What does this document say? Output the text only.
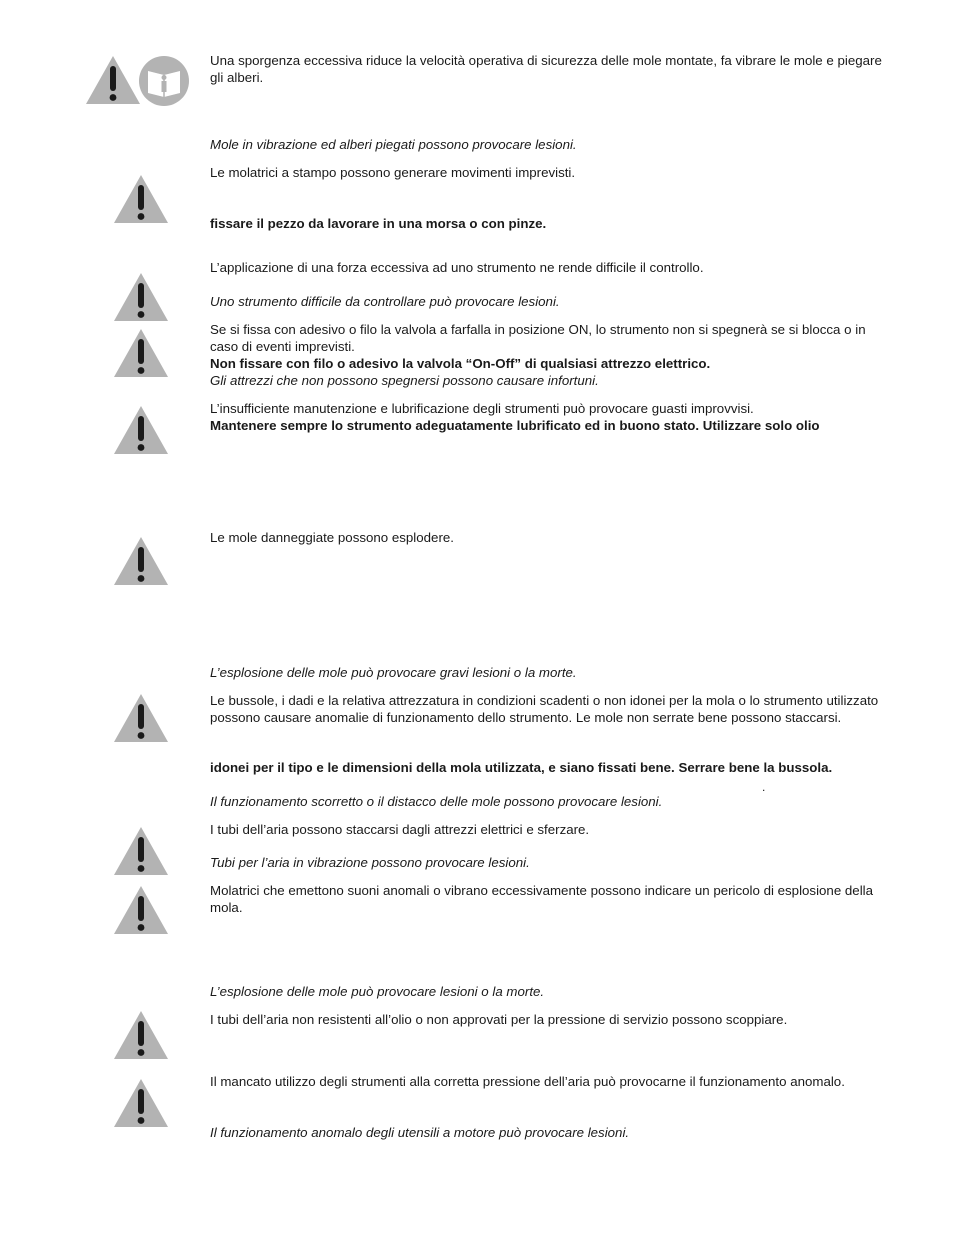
Una sporgenza eccessiva riduce la velocità operativa di sicurezza delle mole montate, fa vibrare le mole e piegare gli alberi.

Mole in vibrazione ed alberi piegati possono provocare lesioni.

Le molatrici a stampo possono generare movimenti imprevisti.

fissare il pezzo da lavorare in una morsa o con pinze.

L’applicazione di una forza eccessiva ad uno strumento ne rende difficile il controllo.

Uno strumento difficile da controllare può provocare lesioni.

Se si fissa con adesivo o filo la valvola a farfalla in posizione ON, lo strumento non si spegnerà se si blocca o in caso di eventi imprevisti.

Non fissare con filo o adesivo la valvola “On-Off” di qualsiasi attrezzo elettrico.

Gli attrezzi che non possono spegnersi possono causare infortuni.

L’insufficiente manutenzione e lubrificazione degli strumenti può provocare guasti improvvisi.

Mantenere sempre lo strumento adeguatamente lubrificato ed in buono stato. Utilizzare solo olio

Le mole danneggiate possono esplodere.

L’esplosione delle mole può provocare gravi lesioni o la morte.

Le bussole, i dadi e la relativa attrezzatura in condizioni scadenti o non idonei per la mola o lo strumento utilizzato possono causare anomalie di funzionamento dello strumento. Le mole non serrate bene possono staccarsi.

idonei per il tipo e le dimensioni della mola utilizzata, e siano fissati bene. Serrare bene la bussola.

Il funzionamento scorretto o il distacco delle mole possono provocare lesioni.

I tubi dell’aria possono staccarsi dagli attrezzi elettrici e sferzare.

Tubi per l’aria in vibrazione possono provocare lesioni.

Molatrici che emettono suoni anomali o vibrano eccessivamente possono indicare un pericolo di esplosione della mola.

L’esplosione delle mole può provocare lesioni o la morte.

I tubi dell’aria non resistenti all’olio o non approvati per la pressione di servizio possono scoppiare.

Il mancato utilizzo degli strumenti alla corretta pressione dell’aria può provocarne il funzionamento anomalo.

Il funzionamento anomalo degli utensili a motore può provocare lesioni.

.
